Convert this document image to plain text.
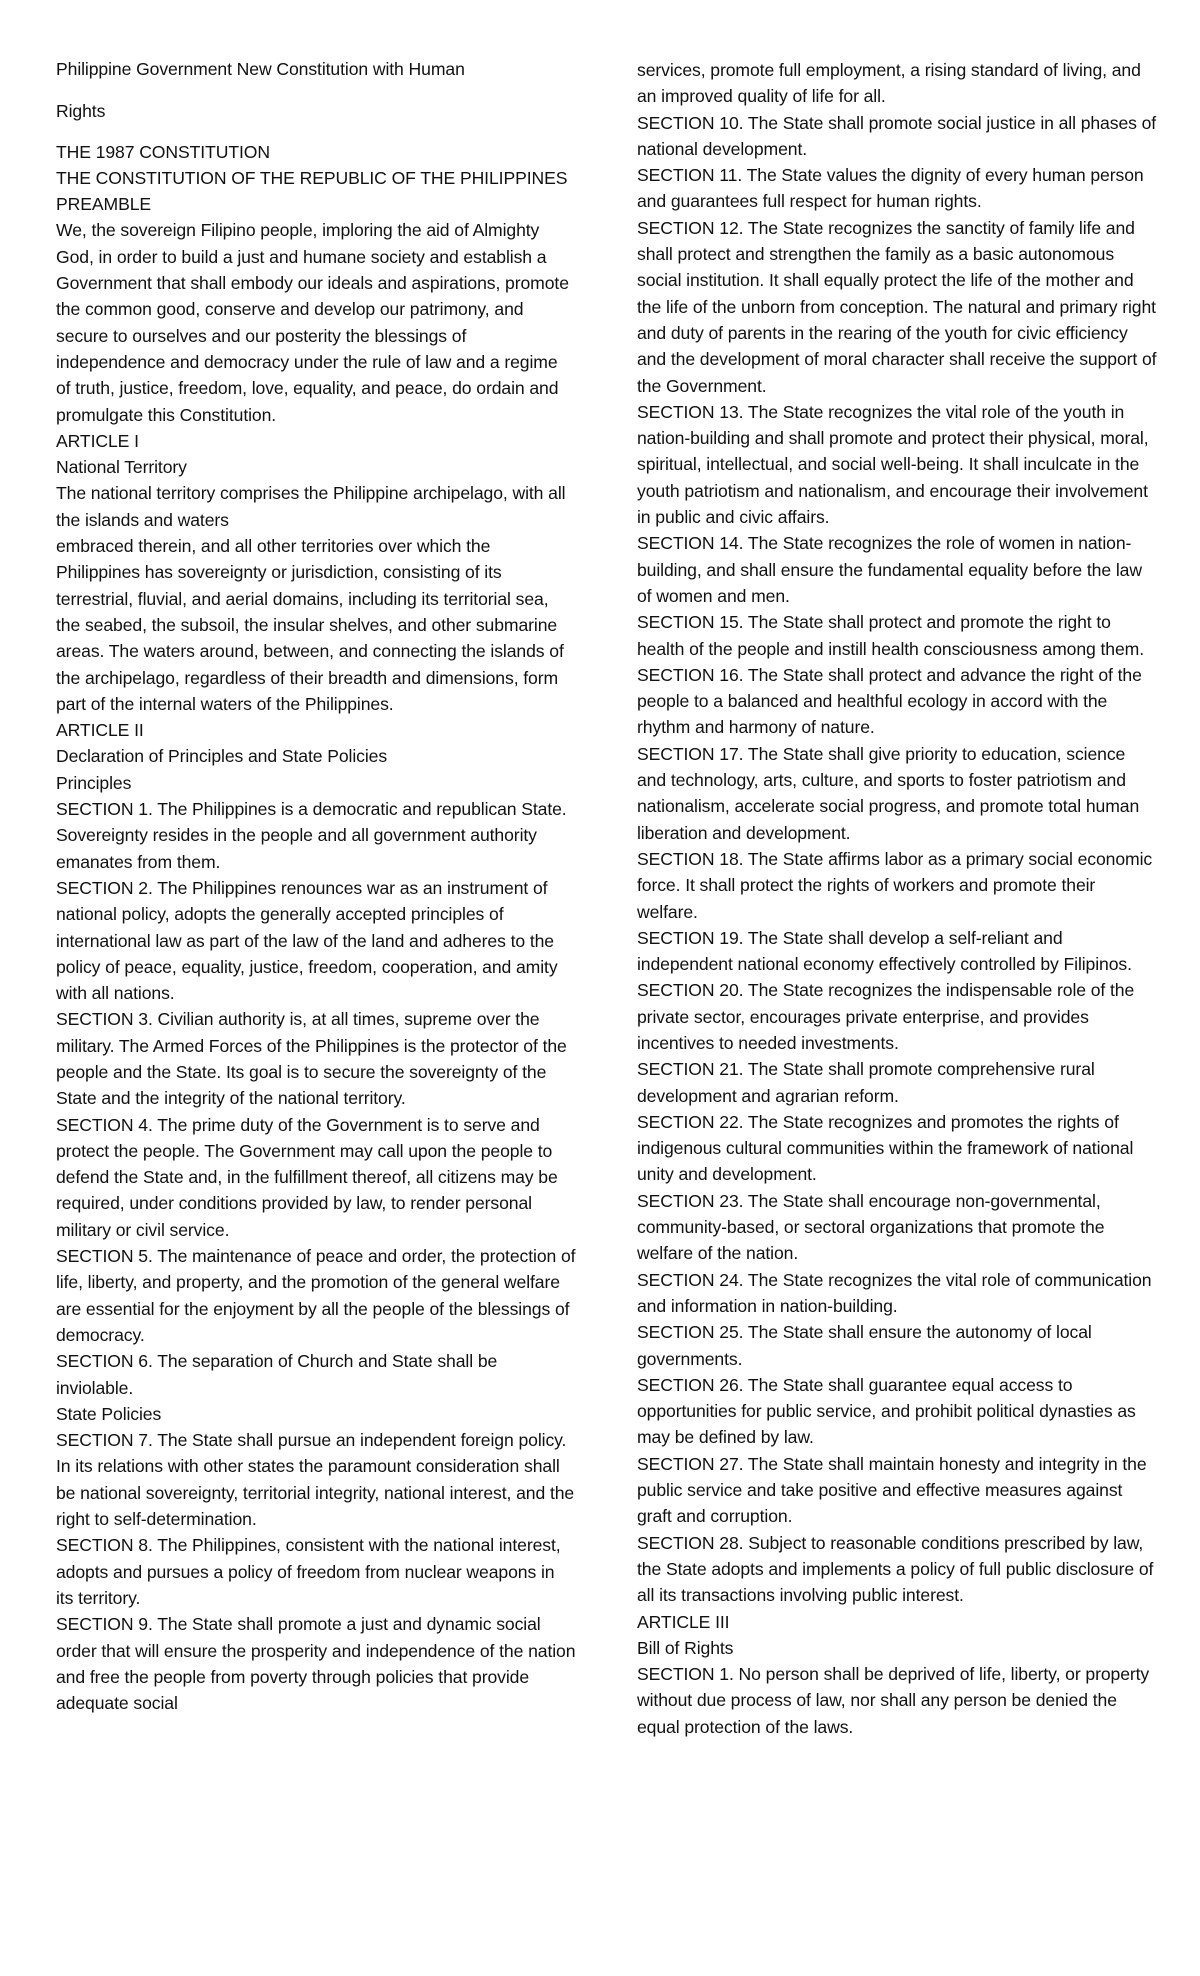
Philippine Government New Constitution with Human
Rights
THE 1987 CONSTITUTION
THE CONSTITUTION OF THE REPUBLIC OF THE PHILIPPINES
PREAMBLE
We, the sovereign Filipino people, imploring the aid of Almighty God, in order to build a just and humane society and establish a Government that shall embody our ideals and aspirations, promote the common good, conserve and develop our patrimony, and secure to ourselves and our posterity the blessings of independence and democracy under the rule of law and a regime of truth, justice, freedom, love, equality, and peace, do ordain and promulgate this Constitution.
ARTICLE I
National Territory
The national territory comprises the Philippine archipelago, with all the islands and waters
embraced therein, and all other territories over which the Philippines has sovereignty or jurisdiction, consisting of its terrestrial, fluvial, and aerial domains, including its territorial sea, the seabed, the subsoil, the insular shelves, and other submarine areas. The waters around, between, and connecting the islands of the archipelago, regardless of their breadth and dimensions, form part of the internal waters of the Philippines.
ARTICLE II
Declaration of Principles and State Policies
Principles
SECTION 1. The Philippines is a democratic and republican State. Sovereignty resides in the people and all government authority emanates from them.
SECTION 2. The Philippines renounces war as an instrument of national policy, adopts the generally accepted principles of international law as part of the law of the land and adheres to the policy of peace, equality, justice, freedom, cooperation, and amity with all nations.
SECTION 3. Civilian authority is, at all times, supreme over the military. The Armed Forces of the Philippines is the protector of the people and the State. Its goal is to secure the sovereignty of the State and the integrity of the national territory.
SECTION 4. The prime duty of the Government is to serve and protect the people. The Government may call upon the people to defend the State and, in the fulfillment thereof, all citizens may be required, under conditions provided by law, to render personal military or civil service.
SECTION 5. The maintenance of peace and order, the protection of life, liberty, and property, and the promotion of the general welfare are essential for the enjoyment by all the people of the blessings of democracy.
SECTION 6. The separation of Church and State shall be inviolable.
State Policies
SECTION 7. The State shall pursue an independent foreign policy. In its relations with other states the paramount consideration shall be national sovereignty, territorial integrity, national interest, and the right to self-determination.
SECTION 8. The Philippines, consistent with the national interest, adopts and pursues a policy of freedom from nuclear weapons in its territory.
SECTION 9. The State shall promote a just and dynamic social order that will ensure the prosperity and independence of the nation and free the people from poverty through policies that provide adequate social
services, promote full employment, a rising standard of living, and an improved quality of life for all.
SECTION 10. The State shall promote social justice in all phases of national development.
SECTION 11. The State values the dignity of every human person and guarantees full respect for human rights.
SECTION 12. The State recognizes the sanctity of family life and shall protect and strengthen the family as a basic autonomous social institution. It shall equally protect the life of the mother and the life of the unborn from conception. The natural and primary right and duty of parents in the rearing of the youth for civic efficiency and the development of moral character shall receive the support of the Government.
SECTION 13. The State recognizes the vital role of the youth in nation-building and shall promote and protect their physical, moral, spiritual, intellectual, and social well-being. It shall inculcate in the youth patriotism and nationalism, and encourage their involvement in public and civic affairs.
SECTION 14. The State recognizes the role of women in nation-building, and shall ensure the fundamental equality before the law of women and men.
SECTION 15. The State shall protect and promote the right to health of the people and instill health consciousness among them.
SECTION 16. The State shall protect and advance the right of the people to a balanced and healthful ecology in accord with the rhythm and harmony of nature.
SECTION 17. The State shall give priority to education, science and technology, arts, culture, and sports to foster patriotism and nationalism, accelerate social progress, and promote total human liberation and development.
SECTION 18. The State affirms labor as a primary social economic force. It shall protect the rights of workers and promote their welfare.
SECTION 19. The State shall develop a self-reliant and independent national economy effectively controlled by Filipinos.
SECTION 20. The State recognizes the indispensable role of the private sector, encourages private enterprise, and provides incentives to needed investments.
SECTION 21. The State shall promote comprehensive rural development and agrarian reform.
SECTION 22. The State recognizes and promotes the rights of indigenous cultural communities within the framework of national unity and development.
SECTION 23. The State shall encourage non-governmental, community-based, or sectoral organizations that promote the welfare of the nation.
SECTION 24. The State recognizes the vital role of communication and information in nation-building.
SECTION 25. The State shall ensure the autonomy of local governments.
SECTION 26. The State shall guarantee equal access to opportunities for public service, and prohibit political dynasties as may be defined by law.
SECTION 27. The State shall maintain honesty and integrity in the public service and take positive and effective measures against graft and corruption.
SECTION 28. Subject to reasonable conditions prescribed by law, the State adopts and implements a policy of full public disclosure of all its transactions involving public interest.
ARTICLE III
Bill of Rights
SECTION 1. No person shall be deprived of life, liberty, or property without due process of law, nor shall any person be denied the equal protection of the laws.
